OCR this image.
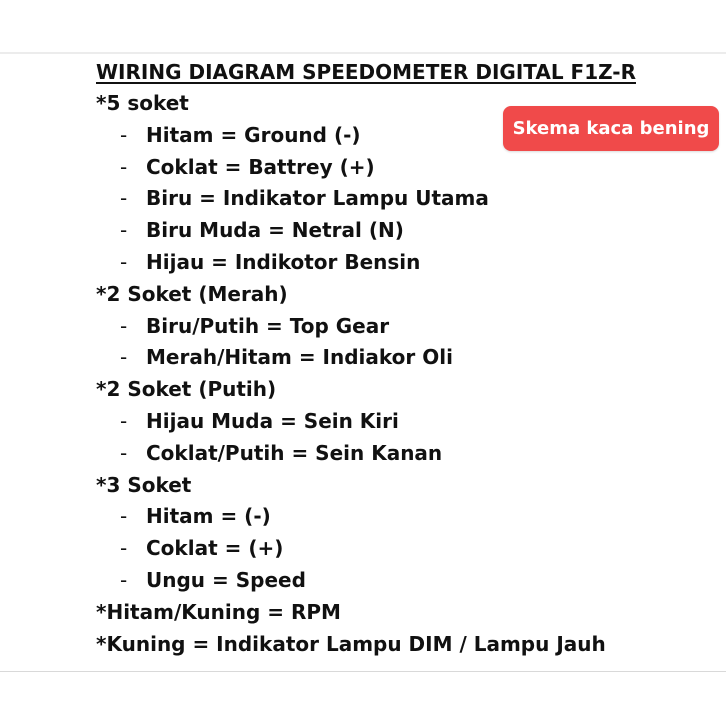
WIRING DIAGRAM SPEEDOMETER DIGITAL F1Z-R
*5 soket
- Hitam = Ground (-)
- Coklat = Battrey (+)
- Biru = Indikator Lampu Utama
- Biru Muda = Netral (N)
- Hijau = Indikotor Bensin
*2 Soket (Merah)
- Biru/Putih = Top Gear
- Merah/Hitam = Indiakor Oli
*2 Soket (Putih)
- Hijau Muda = Sein Kiri
- Coklat/Putih = Sein Kanan
*3 Soket
- Hitam = (-)
- Coklat = (+)
- Ungu = Speed
*Hitam/Kuning = RPM
*Kuning = Indikator Lampu DIM / Lampu Jauh
Skema kaca bening
